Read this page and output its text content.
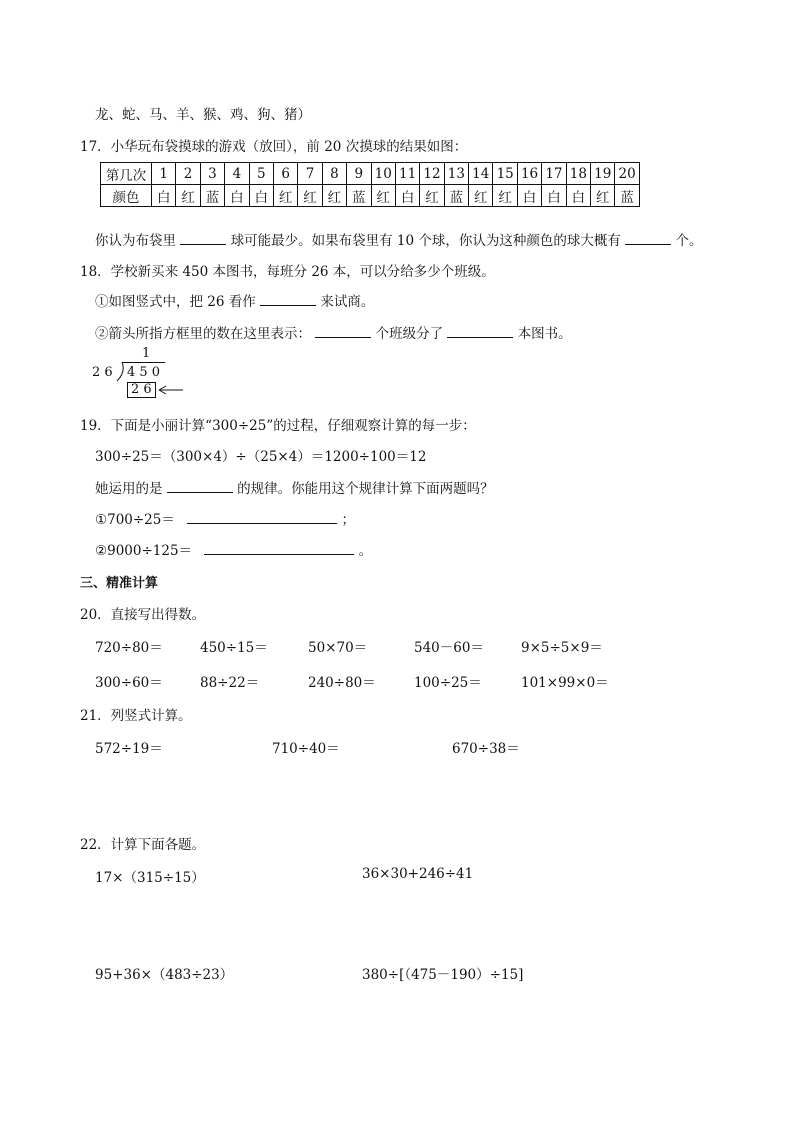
龙、蛇、马、羊、猴、鸡、狗、猪）
17．小华玩布袋摸球的游戏（放回），前 20 次摸球的结果如图：
第几次	1	2	3	4	5	6	7	8	9	10	11	12	13	14	15	16	17	18	19	20
颜色	白	红	蓝	白	白	红	红	红	蓝	红	白	红	蓝	红	红	白	白	白	红	蓝
你认为布袋里	球可能最少。如果布袋里有 10 个球，你认为这种颜色的球大概有	个。
18．学校新买来 450 本图书，每班分 26 本，可以分给多少个班级。
①如图竖式中，把 26 看作	来试商。
②箭头所指方框里的数在这里表示：	个班级分了	本图书。
1
2 6 4 5 0
2 6
19．下面是小丽计算“300÷25”的过程，仔细观察计算的每一步：
300÷25＝（300×4）÷（25×4）＝1200÷100＝12
她运用的是	的规律。你能用这个规律计算下面两题吗？
①700÷25＝	；
②9000÷125＝	。
三、精准计算
20．直接写出得数。
720÷80＝	450÷15＝	50×70＝	540－60＝	9×5÷5×9＝
300÷60＝	88÷22＝	240÷80＝	100÷25＝	101×99×0＝
21．列竖式计算。
572÷19＝	710÷40＝	670÷38＝
22．计算下面各题。
17×（315÷15）	36×30+246÷41
95+36×（483÷23）	380÷[（475－190）÷15]
